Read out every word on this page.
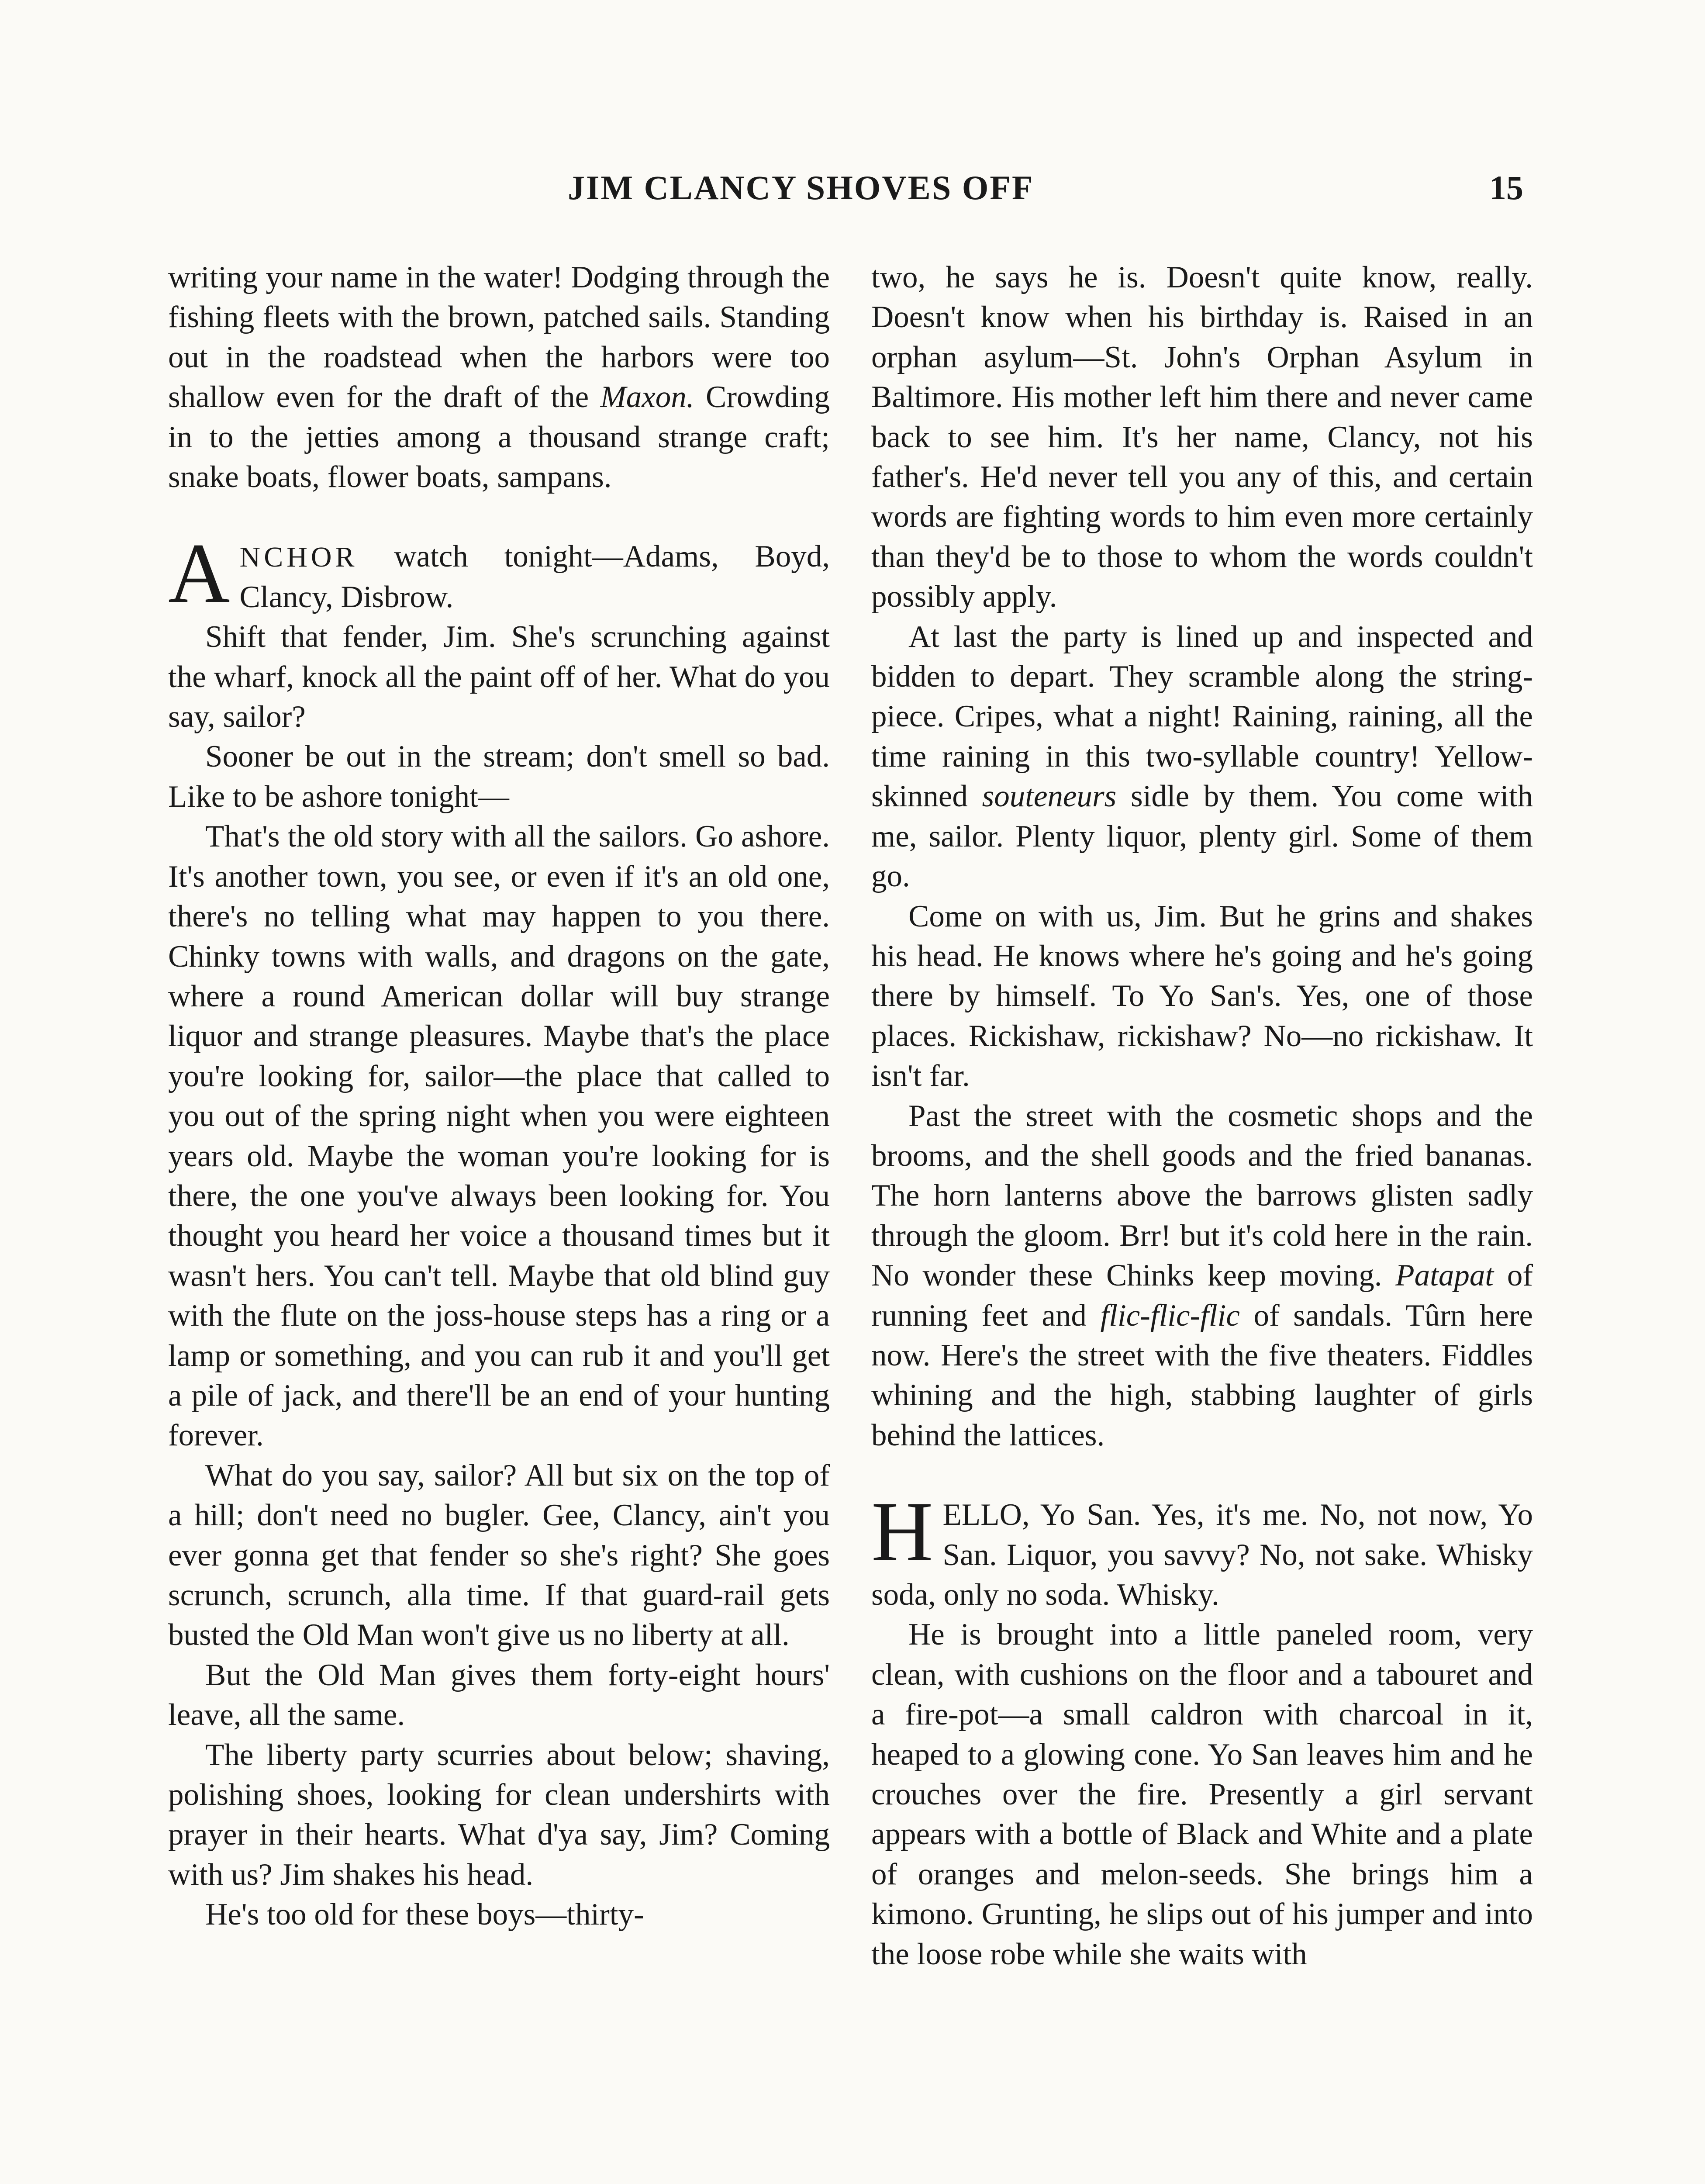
JIM CLANCY SHOVES OFF	15

writing your name in the water! Dodging through the fishing fleets with the brown, patched sails. Standing out in the roadstead when the harbors were too shallow even for the draft of the Maxon. Crowding in to the jetties among a thousand strange craft; snake boats, flower boats, sampans.

ANCHOR watch tonight—Adams, Boyd, Clancy, Disbrow.

Shift that fender, Jim. She's scrunching against the wharf, knock all the paint off of her. What do you say, sailor?

Sooner be out in the stream; don't smell so bad. Like to be ashore tonight—

That's the old story with all the sailors. Go ashore. It's another town, you see, or even if it's an old one, there's no telling what may happen to you there. Chinky towns with walls, and dragons on the gate, where a round American dollar will buy strange liquor and strange pleasures. Maybe that's the place you're looking for, sailor—the place that called to you out of the spring night when you were eighteen years old. Maybe the woman you're looking for is there, the one you've always been looking for. You thought you heard her voice a thousand times but it wasn't hers. You can't tell. Maybe that old blind guy with the flute on the joss-house steps has a ring or a lamp or something, and you can rub it and you'll get a pile of jack, and there'll be an end of your hunting forever.

What do you say, sailor? All but six on the top of a hill; don't need no bugler. Gee, Clancy, ain't you ever gonna get that fender so she's right? She goes scrunch, scrunch, alla time. If that guard-rail gets busted the Old Man won't give us no liberty at all.

But the Old Man gives them forty-eight hours' leave, all the same.

The liberty party scurries about below; shaving, polishing shoes, looking for clean undershirts with prayer in their hearts. What d'ya say, Jim? Coming with us? Jim shakes his head.

He's too old for these boys—thirty-

two, he says he is. Doesn't quite know, really. Doesn't know when his birthday is. Raised in an orphan asylum—St. John's Orphan Asylum in Baltimore. His mother left him there and never came back to see him. It's her name, Clancy, not his father's. He'd never tell you any of this, and certain words are fighting words to him even more certainly than they'd be to those to whom the words couldn't possibly apply.

At last the party is lined up and inspected and bidden to depart. They scramble along the string-piece. Cripes, what a night! Raining, raining, all the time raining in this two-syllable country! Yellow-skinned souteneurs sidle by them. You come with me, sailor. Plenty liquor, plenty girl. Some of them go.

Come on with us, Jim. But he grins and shakes his head. He knows where he's going and he's going there by himself. To Yo San's. Yes, one of those places. Rickishaw, rickishaw? No—no rickishaw. It isn't far.

Past the street with the cosmetic shops and the brooms, and the shell goods and the fried bananas. The horn lanterns above the barrows glisten sadly through the gloom. Brr! but it's cold here in the rain. No wonder these Chinks keep moving. Patapat of running feet and flic-flic-flic of sandals. Tûrn here now. Here's the street with the five theaters. Fiddles whining and the high, stabbing laughter of girls behind the lattices.

HELLO, Yo San. Yes, it's me. No, not now, Yo San. Liquor, you savvy? No, not sake. Whisky soda, only no soda. Whisky.

He is brought into a little paneled room, very clean, with cushions on the floor and a tabouret and a fire-pot—a small caldron with charcoal in it, heaped to a glowing cone. Yo San leaves him and he crouches over the fire. Presently a girl servant appears with a bottle of Black and White and a plate of oranges and melon-seeds. She brings him a kimono. Grunting, he slips out of his jumper and into the loose robe while she waits with
